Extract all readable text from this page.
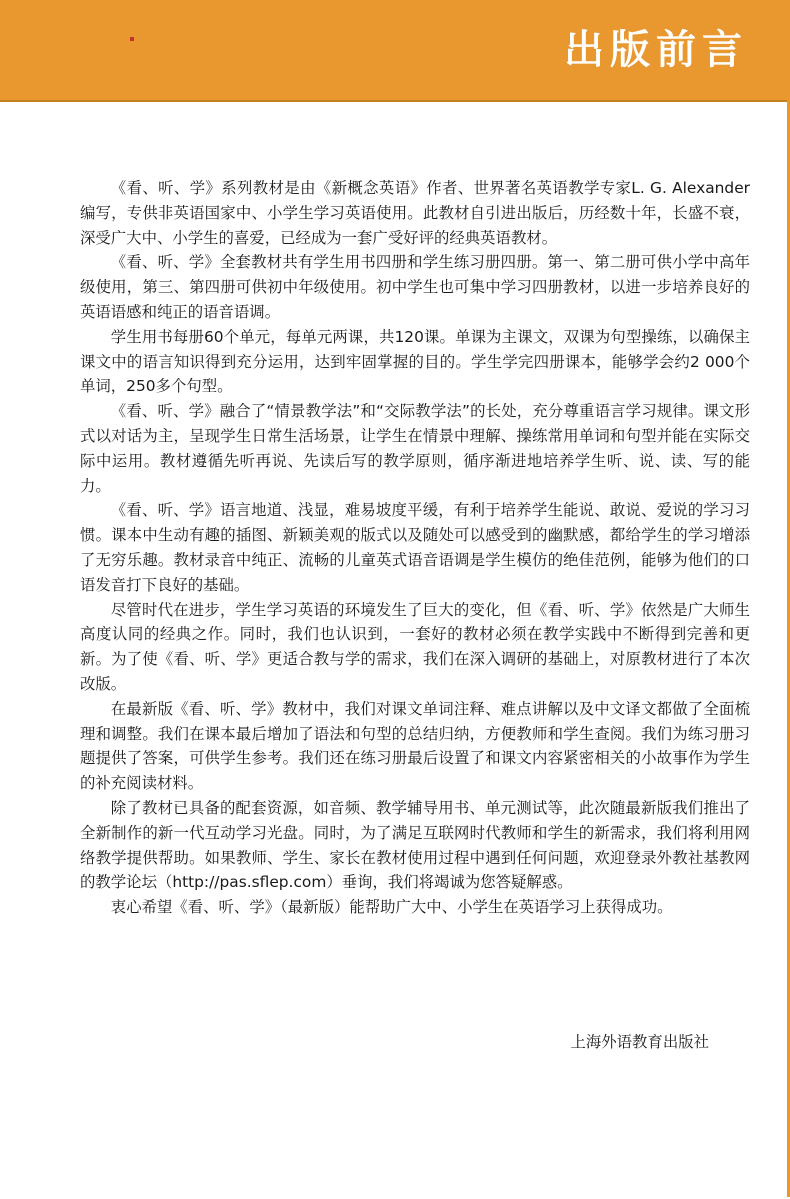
出版前言

《看、听、学》系列教材是由《新概念英语》作者、世界著名英语教学专家L. G. Alexander编写，专供非英语国家中、小学生学习英语使用。此教材自引进出版后，历经数十年，长盛不衰，深受广大中、小学生的喜爱，已经成为一套广受好评的经典英语教材。

《看、听、学》全套教材共有学生用书四册和学生练习册四册。第一、第二册可供小学中高年级使用，第三、第四册可供初中年级使用。初中学生也可集中学习四册教材，以进一步培养良好的英语语感和纯正的语音语调。

学生用书每册60个单元，每单元两课，共120课。单课为主课文，双课为句型操练，以确保主课文中的语言知识得到充分运用，达到牢固掌握的目的。学生学完四册课本，能够学会约2 000个单词，250多个句型。

《看、听、学》融合了“情景教学法”和“交际教学法”的长处，充分尊重语言学习规律。课文形式以对话为主，呈现学生日常生活场景，让学生在情景中理解、操练常用单词和句型并能在实际交际中运用。教材遵循先听再说、先读后写的教学原则，循序渐进地培养学生听、说、读、写的能力。

《看、听、学》语言地道、浅显，难易坡度平缓，有利于培养学生能说、敢说、爱说的学习习惯。课本中生动有趣的插图、新颖美观的版式以及随处可以感受到的幽默感，都给学生的学习增添了无穷乐趣。教材录音中纯正、流畅的儿童英式语音语调是学生模仿的绝佳范例，能够为他们的口语发音打下良好的基础。

尽管时代在进步，学生学习英语的环境发生了巨大的变化，但《看、听、学》依然是广大师生高度认同的经典之作。同时，我们也认识到，一套好的教材必须在教学实践中不断得到完善和更新。为了使《看、听、学》更适合教与学的需求，我们在深入调研的基础上，对原教材进行了本次改版。

在最新版《看、听、学》教材中，我们对课文单词注释、难点讲解以及中文译文都做了全面梳理和调整。我们在课本最后增加了语法和句型的总结归纳，方便教师和学生查阅。我们为练习册习题提供了答案，可供学生参考。我们还在练习册最后设置了和课文内容紧密相关的小故事作为学生的补充阅读材料。

除了教材已具备的配套资源，如音频、教学辅导用书、单元测试等，此次随最新版我们推出了全新制作的新一代互动学习光盘。同时，为了满足互联网时代教师和学生的新需求，我们将利用网络教学提供帮助。如果教师、学生、家长在教材使用过程中遇到任何问题，欢迎登录外教社基教网的教学论坛（http://pas.sflep.com）垂询，我们将竭诚为您答疑解惑。

衷心希望《看、听、学》（最新版）能帮助广大中、小学生在英语学习上获得成功。

上海外语教育出版社
